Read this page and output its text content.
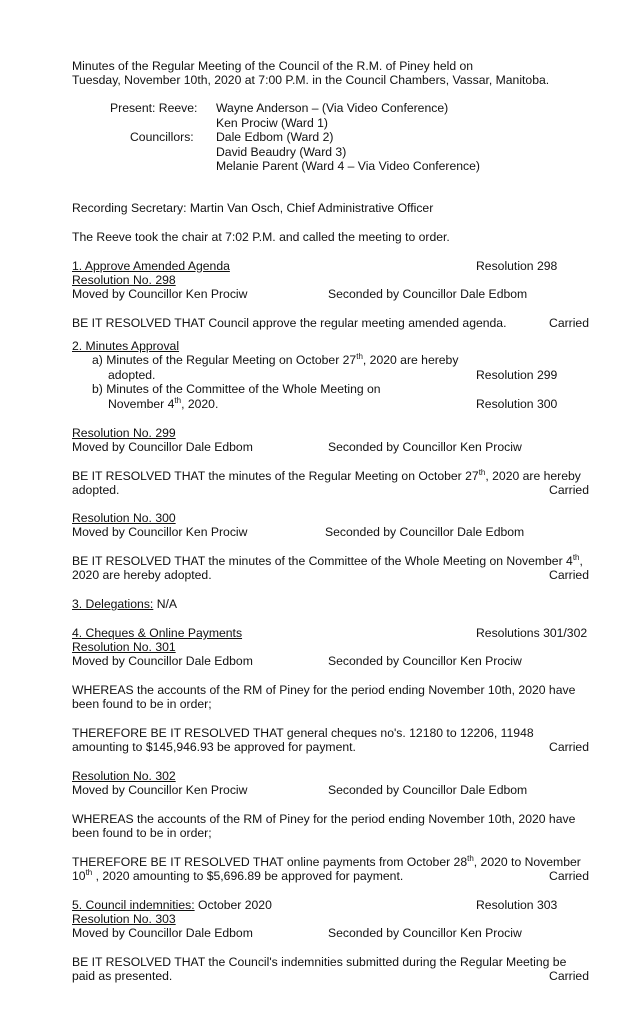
Minutes of the Regular Meeting of the Council of the R.M. of Piney held on
Tuesday, November 10th, 2020 at 7:00 P.M. in the Council Chambers, Vassar, Manitoba.
Present: Reeve: Wayne Anderson – (Via Video Conference)
Ken Prociw (Ward 1)
Councillors: Dale Edbom (Ward 2)
David Beaudry (Ward 3)
Melanie Parent (Ward 4 – Via Video Conference)
Recording Secretary: Martin Van Osch, Chief Administrative Officer
The Reeve took the chair at 7:02 P.M. and called the meeting to order.
1. Approve Amended Agenda	Resolution 298
Resolution No. 298
Moved by Councillor Ken Prociw	Seconded by Councillor Dale Edbom
BE IT RESOLVED THAT Council approve the regular meeting amended agenda.	Carried
2. Minutes Approval
a) Minutes of the Regular Meeting on October 27th, 2020 are hereby
adopted.	Resolution 299
b) Minutes of the Committee of the Whole Meeting on
November 4th, 2020.	Resolution 300
Resolution No. 299
Moved by Councillor Dale Edbom	Seconded by Councillor Ken Prociw
BE IT RESOLVED THAT the minutes of the Regular Meeting on October 27th, 2020 are hereby
adopted.	Carried
Resolution No. 300
Moved by Councillor Ken Prociw	Seconded by Councillor Dale Edbom
BE IT RESOLVED THAT the minutes of the Committee of the Whole Meeting on November 4th,
2020 are hereby adopted.	Carried
3. Delegations: N/A
4. Cheques & Online Payments	Resolutions 301/302
Resolution No. 301
Moved by Councillor Dale Edbom	Seconded by Councillor Ken Prociw
WHEREAS the accounts of the RM of Piney for the period ending November 10th, 2020 have
been found to be in order;
THEREFORE BE IT RESOLVED THAT general cheques no's. 12180 to 12206, 11948
amounting to $145,946.93 be approved for payment.	Carried
Resolution No. 302
Moved by Councillor Ken Prociw	Seconded by Councillor Dale Edbom
WHEREAS the accounts of the RM of Piney for the period ending November 10th, 2020 have
been found to be in order;
THEREFORE BE IT RESOLVED THAT online payments from October 28th, 2020 to November
10th , 2020 amounting to $5,696.89 be approved for payment.	Carried
5. Council indemnities: October 2020	Resolution 303
Resolution No. 303
Moved by Councillor Dale Edbom	Seconded by Councillor Ken Prociw
BE IT RESOLVED THAT the Council's indemnities submitted during the Regular Meeting be
paid as presented.	Carried
